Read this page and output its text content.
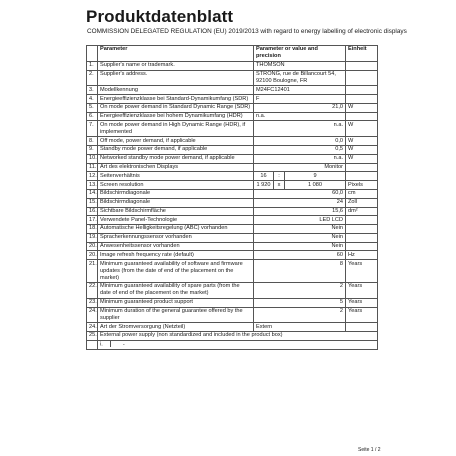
Produktdatenblatt
COMMISSION DELEGATED REGULATION (EU) 2019/2013 with regard to energy labelling of electronic displays
	Parameter	Parameter or value and precision			Einheit
1.	Supplier's name or trademark.	THOMSON			
2.	Supplier's address.	STRONG, rue de Billancourt 54, 92100 Boulogne, FR			
3.	Modellkennung	M24FC12401			
4.	Energieeffizienzklasse bei Standard-Dynamikumfang (SDR)	F			
5.	On mode power demand in Standard Dynamic Range (SDR)	21,0			W
6.	Energieeffizienzklasse bei hohem Dynamikumfang (HDR)	n.a.			
7.	On mode power demand in High Dynamic Range (HDR), if implemented	n.a.			W
8.	Off mode, power demand, if applicable	0,0			W
9.	Standby mode power demand, if applicable	0,5			W
10.	Networked standby mode power demand, if applicable	n.a.			W
11.	Art des elektronischen Displays	Monitor			
12.	Seitenverhältnis	16	:	9	
13.	Screen resolution	1 920	x	1 080	Pixels
14.	Bildschirmdiagonale	60,0			cm
15.	Bildschirmdiagonale	24			Zoll
16.	Sichtbare Bildschirmfläche	15,6			dm²
17.	Verwendete Panel-Technologie	LED LCD			
18.	Automatische Helligkeitsregelung (ABC) vorhanden	Nein			
19.	Spracherkennungssensor vorhanden	Nein			
20.	Anwesenheitssensor vorhanden	Nein			
20.	Image refresh frequency rate (default)	60			Hz
21.	Minimum guaranteed availability of software and firmware updates (from the date of end of the placement on the market)	8			Years
22.	Minimum guaranteed availability of spare parts (from the date of end of the placement on the market)	2			Years
23.	Minimum guaranteed product support	5			Years
24.	Minimum duration of the general guarantee offered by the supplier	2			Years
24.	Art der Stromversorgung (Netzteil)	Extern			
25.	External power supply (non standardized and included in the product box)				
	i. -				
Seite 1 / 2
